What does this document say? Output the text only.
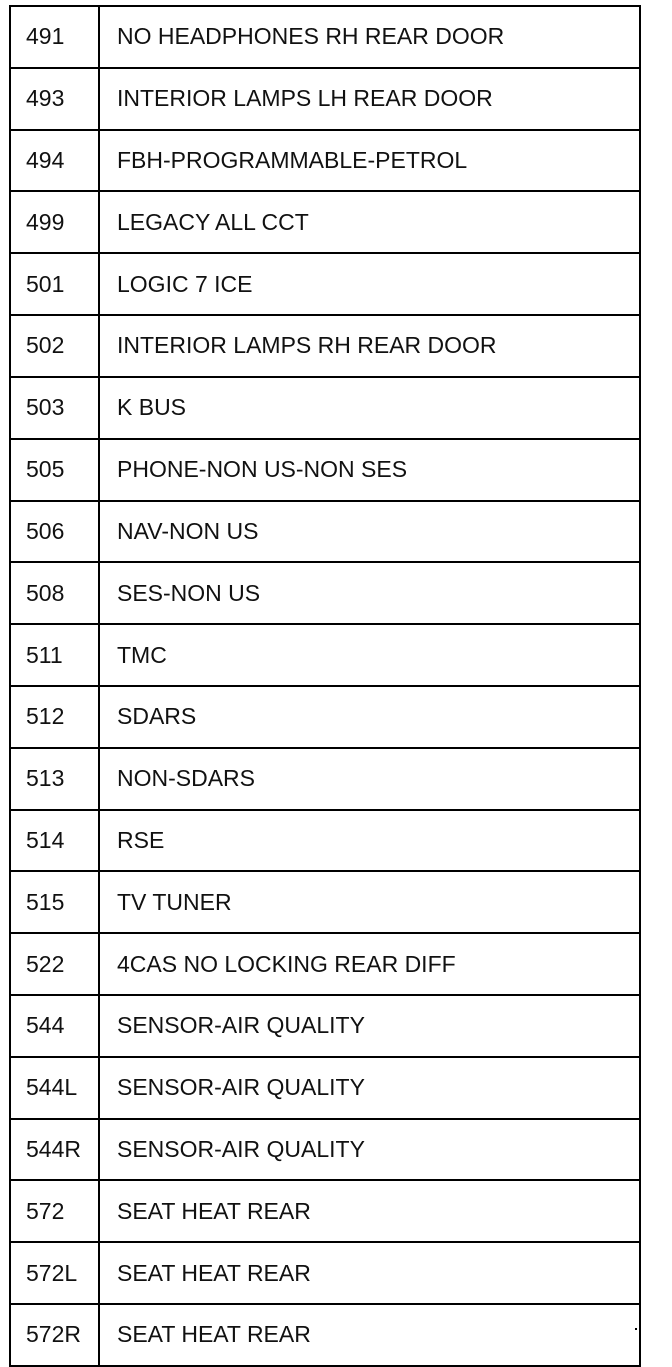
491	NO HEADPHONES RH REAR DOOR
493	INTERIOR LAMPS LH REAR DOOR
494	FBH-PROGRAMMABLE-PETROL
499	LEGACY ALL CCT
501	LOGIC 7 ICE
502	INTERIOR LAMPS RH REAR DOOR
503	K BUS
505	PHONE-NON US-NON SES
506	NAV-NON US
508	SES-NON US
511	TMC
512	SDARS
513	NON-SDARS
514	RSE
515	TV TUNER
522	4CAS NO LOCKING REAR DIFF
544	SENSOR-AIR QUALITY
544L	SENSOR-AIR QUALITY
544R	SENSOR-AIR QUALITY
572	SEAT HEAT REAR
572L	SEAT HEAT REAR
572R	SEAT HEAT REAR
